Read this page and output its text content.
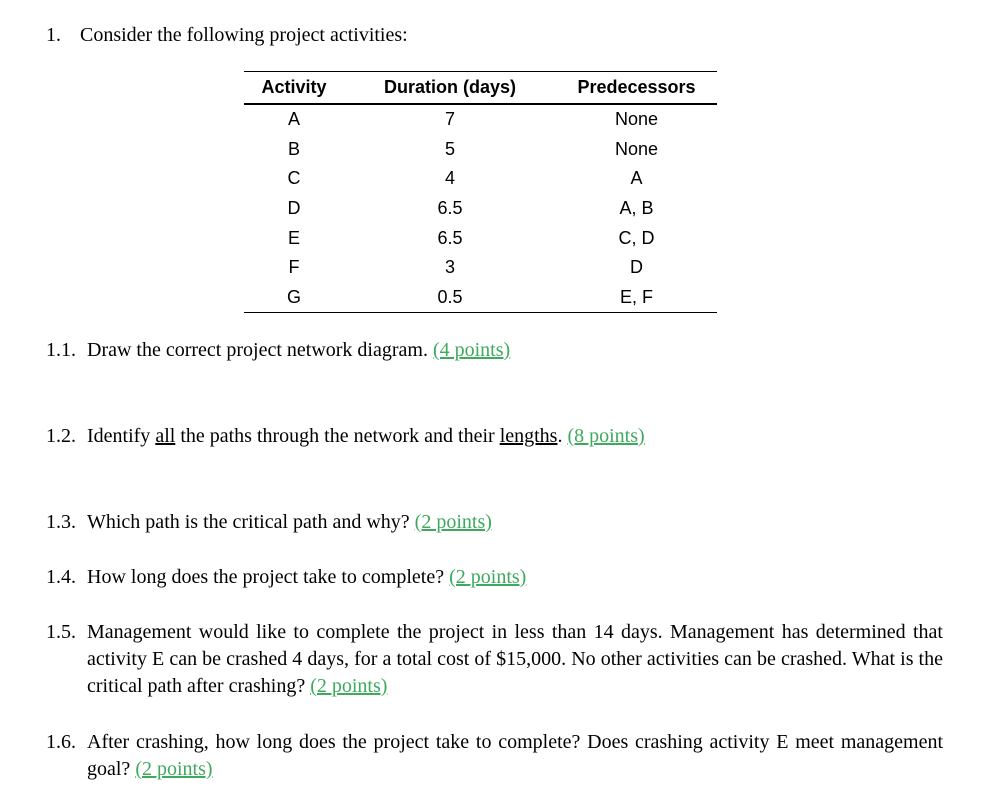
1. Consider the following project activities:
Activity	Duration (days)	Predecessors
A	7	None
B	5	None
C	4	A
D	6.5	A, B
E	6.5	C, D
F	3	D
G	0.5	E, F
1.1. Draw the correct project network diagram. (4 points)
1.2. Identify all the paths through the network and their lengths. (8 points)
1.3. Which path is the critical path and why? (2 points)
1.4. How long does the project take to complete? (2 points)
1.5. Management would like to complete the project in less than 14 days. Management has determined that activity E can be crashed 4 days, for a total cost of $15,000. No other activities can be crashed. What is the critical path after crashing? (2 points)
1.6. After crashing, how long does the project take to complete? Does crashing activity E meet management goal? (2 points)
